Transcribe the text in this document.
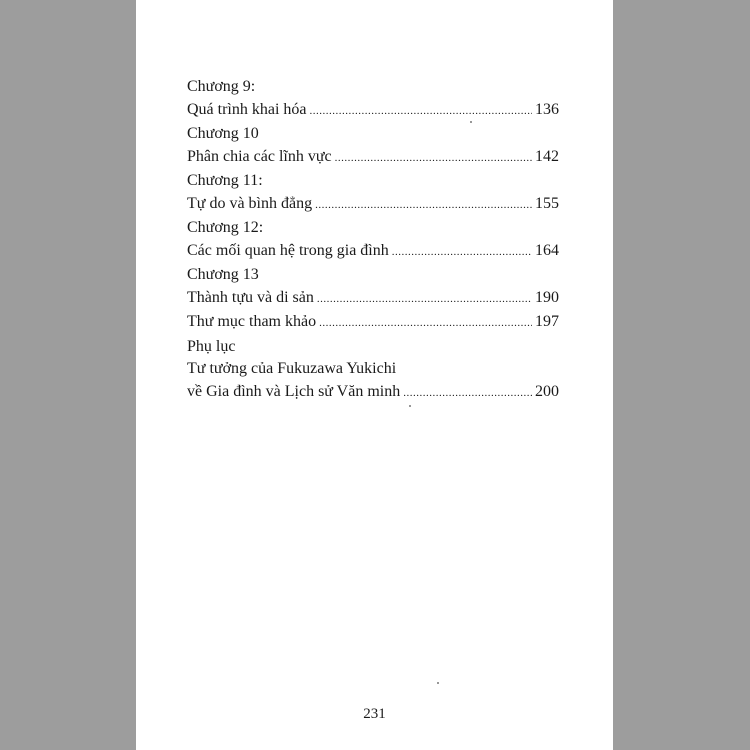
Chương 9:
Quá trình khai hóa .....	136
Chương 10
Phân chia các lĩnh vực .....	142
Chương 11:
Tự do và bình đẳng .....	155
Chương 12:
Các mối quan hệ trong gia đình .....	164
Chương 13
Thành tựu và di sản .....	190
Thư mục tham khảo .....	197
Phụ lục
Tư tưởng của Fukuzawa Yukichi
về Gia đình và Lịch sử Văn minh .....	200
231
